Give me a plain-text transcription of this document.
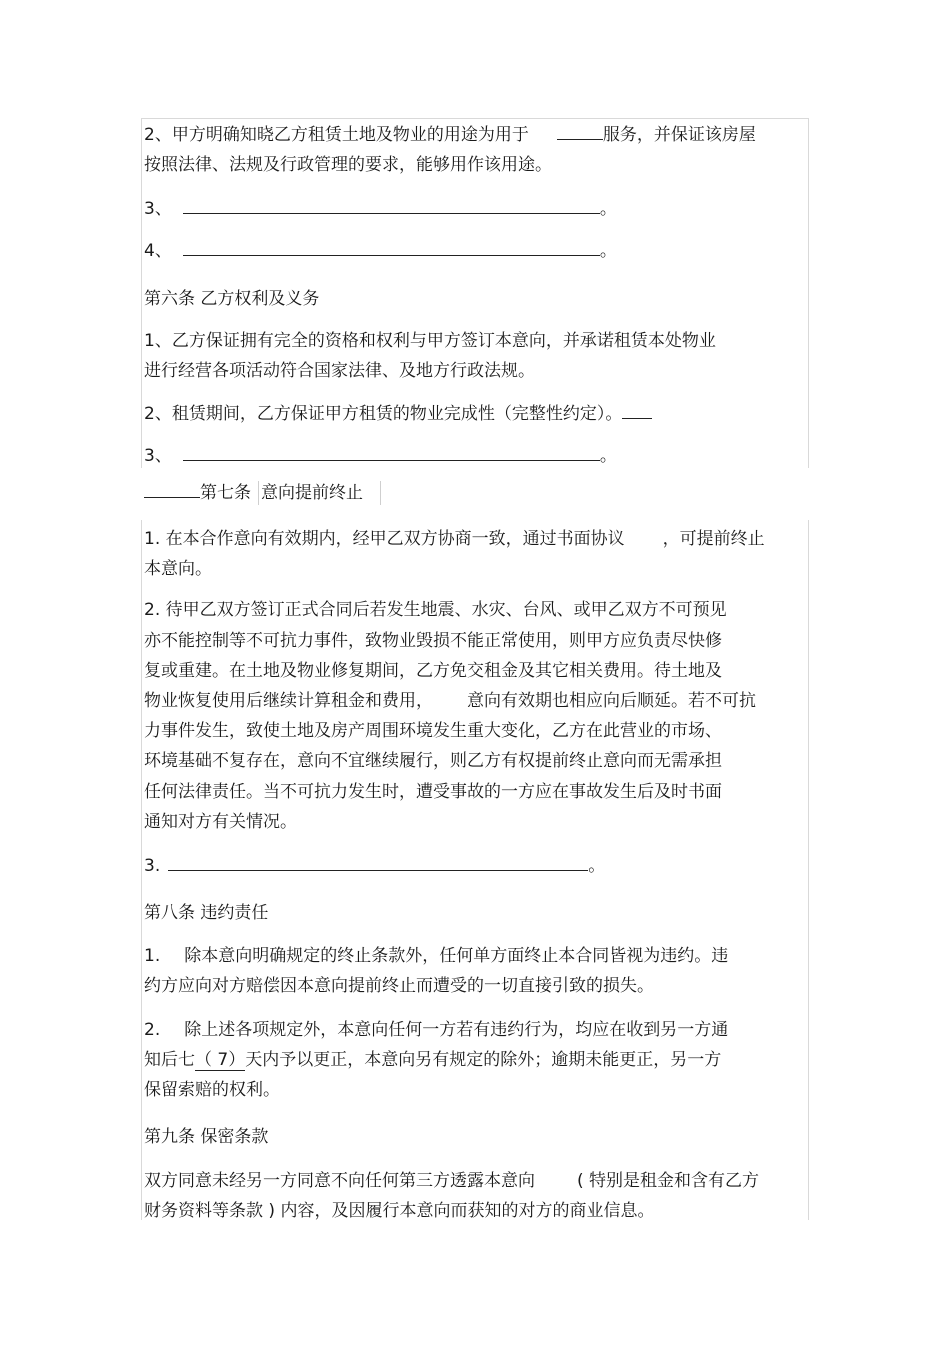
2、甲方明确知晓乙方租赁土地及物业的用途为用于	服务，并保证该房屋
按照法律、法规及行政管理的要求，能够用作该用途。
3、	。
4、	。
第六条 乙方权利及义务
1、乙方保证拥有完全的资格和权利与甲方签订本意向，并承诺租赁本处物业
进行经营各项活动符合国家法律、及地方行政法规。
2、租赁期间，乙方保证甲方租赁的物业完成性（完整性约定）。
3、	。
第七条 意向提前终止
1. 在本合作意向有效期内，经甲乙双方协商一致，通过书面协议 ，可提前终止
本意向。
2. 待甲乙双方签订正式合同后若发生地震、水灾、台风、或甲乙双方不可预见
亦不能控制等不可抗力事件，致物业毁损不能正常使用，则甲方应负责尽快修
复或重建。在土地及物业修复期间，乙方免交租金及其它相关费用。待土地及
物业恢复使用后继续计算租金和费用， 意向有效期也相应向后顺延。若不可抗
力事件发生，致使土地及房产周围环境发生重大变化，乙方在此营业的市场、
环境基础不复存在，意向不宜继续履行，则乙方有权提前终止意向而无需承担
任何法律责任。当不可抗力发生时，遭受事故的一方应在事故发生后及时书面
通知对方有关情况。
3.	。
第八条 违约责任
1. 除本意向明确规定的终止条款外，任何单方面终止本合同皆视为违约。违
约方应向对方赔偿因本意向提前终止而遭受的一切直接引致的损失。
2. 除上述各项规定外，本意向任何一方若有违约行为，均应在收到另一方通
知后七（ 7）天内予以更正，本意向另有规定的除外；逾期未能更正，另一方
保留索赔的权利。
第九条 保密条款
双方同意未经另一方同意不向任何第三方透露本意向 ( 特别是租金和含有乙方
财务资料等条款 ) 内容，及因履行本意向而获知的对方的商业信息。
